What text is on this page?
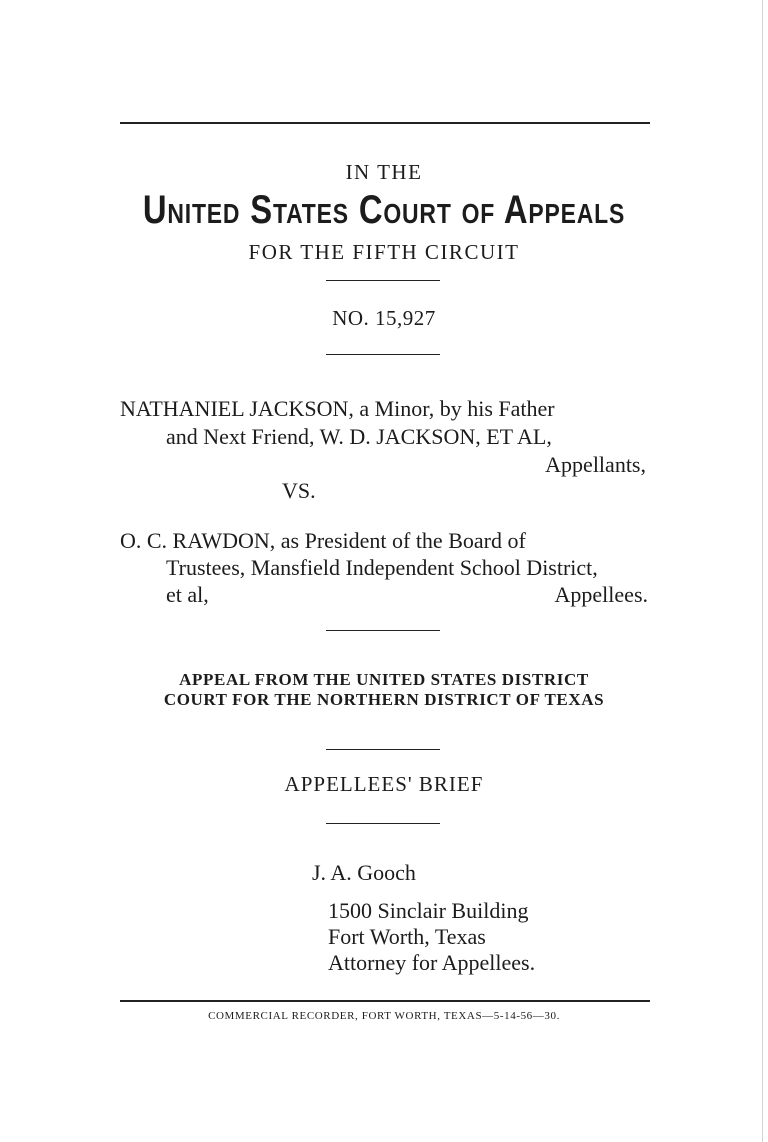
IN THE
United States Court of Appeals
FOR THE FIFTH CIRCUIT
NO. 15,927
NATHANIEL JACKSON, a Minor, by his Father
and Next Friend, W. D. JACKSON, ET AL,
Appellants,
VS.
O. C. RAWDON, as President of the Board of
Trustees, Mansfield Independent School District,
et al,	Appellees.
APPEAL FROM THE UNITED STATES DISTRICT
COURT FOR THE NORTHERN DISTRICT OF TEXAS
APPELLEES' BRIEF
J. A. Gooch
1500 Sinclair Building
Fort Worth, Texas
Attorney for Appellees.
COMMERCIAL RECORDER, FORT WORTH, TEXAS—5-14-56—30.
